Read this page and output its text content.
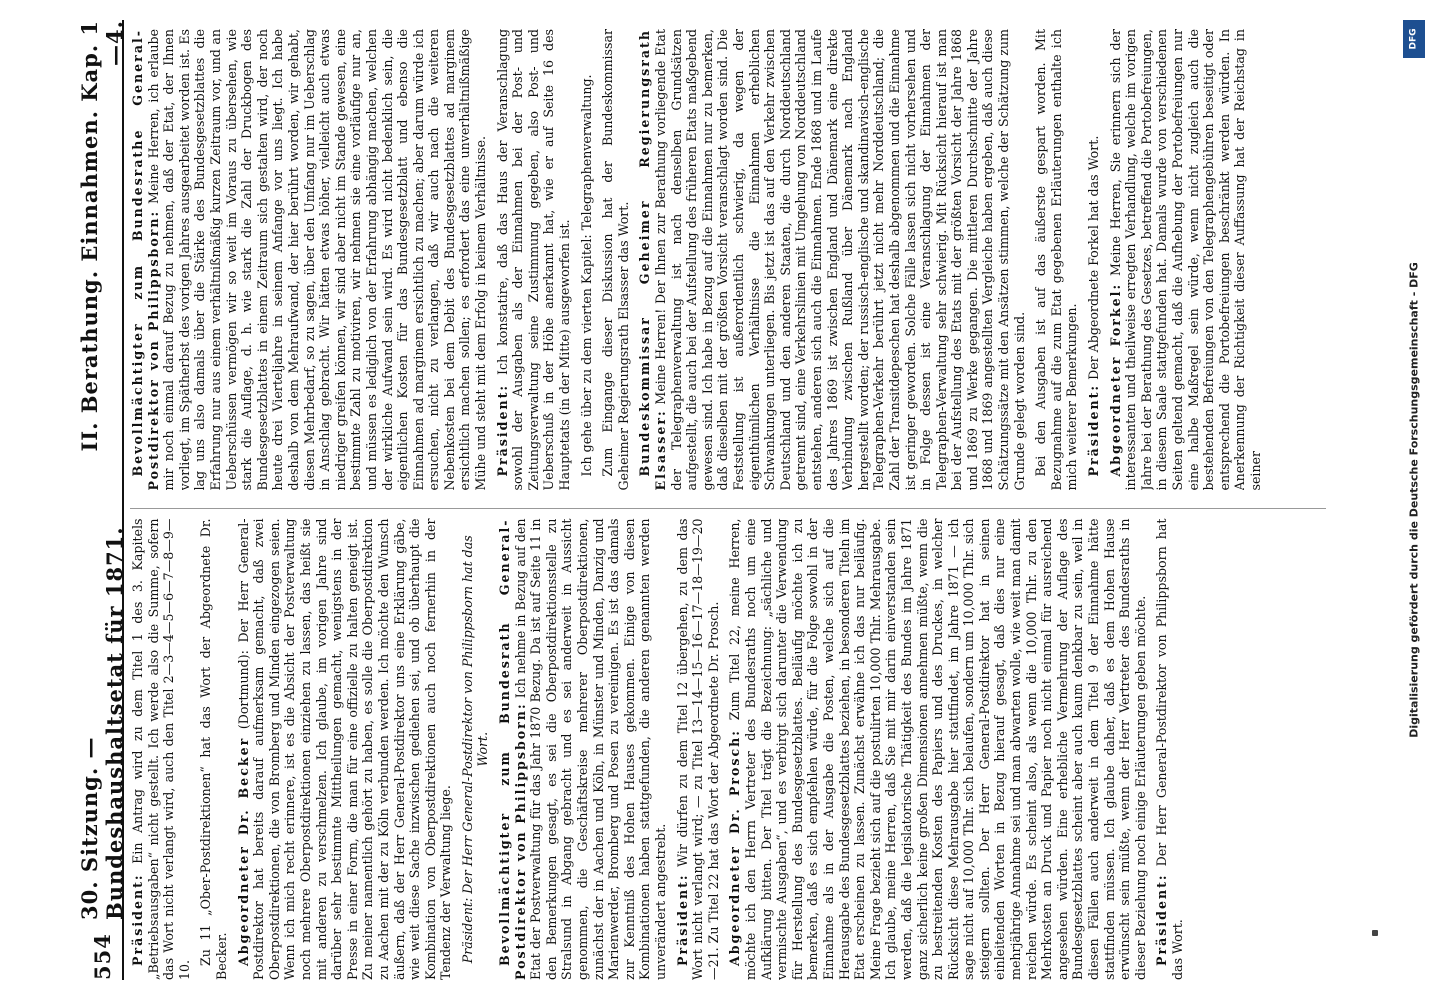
554
30. Sitzung. — Bundeshaushaltsetat für 1871.
II. Berathung. Einnahmen. Kap. 1—4.

Präsident: Ein Antrag wird zu dem Titel 1 des 3. Kapitels „Betriebsausgaben“ nicht gestellt. Ich werde also die Summe, sofern das Wort nicht verlangt wird, auch den Titel 2—3—4—5—6—7—8—9—10.

Zu 11 „Ober-Postdirektionen“ hat das Wort der Abgeordnete Dr. Becker. Abgeordneter Dr. Becker (Dortmund): Der Herr General-Postdirektor hat bereits darauf aufmerksam gemacht, daß zwei Oberpostdirektionen, die von Bromberg und Minden eingezogen seien. Wenn ich mich recht erinnere, ist es die Absicht der Postverwaltung noch mehrere Oberpostdirektionen einziehen zu lassen, das heißt sie mit anderen zu verschmelzen. Ich glaube, im vorigen Jahre sind darüber sehr bestimmte Mittheilungen gemacht, wenigstens in der Presse in einer Form, die man für eine offizielle zu halten geneigt ist. Zu meiner namentlich gehört zu haben, es solle die Oberpostdirektion zu Aachen mit der zu Köln verbunden werden. Ich möchte den Wunsch äußern, daß der Herr General-Postdirektor uns eine Erklärung gäbe, wie weit diese Sache inzwischen gediehen sei, und ob überhaupt die Kombination von Oberpostdirektionen auch noch fernerhin in der Tendenz der Verwaltung liege. Präsident: Der Herr General-Postdirektor von Philippsborn hat das Wort. Bevollmächtigter zum Bundesrath General-Postdirektor von Philippsborn: Ich nehme in Bezug auf den Etat der Postverwaltung für das Jahr 1870 Bezug. Da ist auf Seite 11 in den Bemerkungen gesagt, es sei die Oberpostdirektionsstelle zu Stralsund in Abgang gebracht und es sei anderweit in Aussicht genommen, die Geschäftskreise mehrerer Oberpostdirektionen, zunächst der in Aachen und Köln, in Münster und Minden, Danzig und Marienwerder, Bromberg und Posen zu vereinigen. Es ist das damals zur Kenntniß des Hohen Hauses gekommen. Einige von diesen Kombinationen haben stattgefunden, die anderen genannten werden unverändert angestrebt. Präsident: Wir dürfen zu dem Titel 12 übergehen, zu dem das Wort nicht verlangt wird; — zu Titel 13—14—15—16—17—18—19—20—21. Zu Titel 22 hat das Wort der Abgeordnete Dr. Prosch. Abgeordneter Dr. Prosch: Zum Titel 22, meine Herren, möchte ich den Herrn Vertreter des Bundesraths noch um eine Aufklärung bitten. Der Titel trägt die Bezeichnung: „sächliche und vermischte Ausgaben“, und es verbirgt sich darunter die Verwendung für Herstellung des Bundesgesetzblattes. Beiläufig möchte ich zu bemerken, daß es sich empfehlen würde, für die Folge sowohl in der Einnahme als in der Ausgabe die Posten, welche sich auf die Herausgabe des Bundesgesetzblattes beziehen, in besonderen Titeln im Etat erscheinen zu lassen. Zunächst erwähne ich das nur beiläufig. Meine Frage bezieht sich auf die postulirten 10,000 Thlr. Mehrausgabe. Ich glaube, meine Herren, daß Sie mit mir darin einverstanden sein werden, daß die legislatorische Thätigkeit des Bundes im Jahre 1871 ganz sicherlich keine großen Dimensionen annehmen müßte, wenn die zu bestreitenden Kosten des Papiers und des Druckes, in welcher Rücksicht diese Mehrausgabe hier stattfindet, im Jahre 1871 — ich sage nicht auf 10,000 Thlr. sich belaufen, sondern um 10,000 Thlr. sich steigern sollten. Der Herr General-Postdirektor hat in seinen einleitenden Worten in Bezug hierauf gesagt, daß dies nur eine mehrjährige Annahme sei und man abwarten wolle, wie weit man damit reichen würde. Es scheint also, als wenn die 10,000 Thlr. zu den Mehrkosten an Druck und Papier noch nicht einmal für ausreichend angesehen würden. Eine erhebliche Vermehrung der Auflage des Bundesgesetzblattes scheint aber auch kaum denkbar zu sein, weil in diesen Fällen auch anderweit in dem Titel 9 der Einnahme hätte stattfinden müssen. Ich glaube daher, daß es dem Hohen Hause erwünscht sein müßte, wenn der Herr Vertreter des Bundesraths in dieser Beziehung noch einige Erläuterungen geben möchte. Präsident: Der Herr General-Postdirektor von Philippsborn hat das Wort.

Bevollmächtigter zum Bundesrathe General-Postdirektor von Philippsborn: Meine Herren, ich erlaube mir noch einmal darauf Bezug zu nehmen, daß der Etat, der Ihnen vorliegt, im Spätherbst des vorigen Jahres ausgearbeitet worden ist. Es lag uns also damals über die Stärke des Bundesgesetzblattes die Erfahrung nur aus einem verhältnißmäßig kurzen Zeitraum vor, und an Ueberschüssen vermögen wir so weit im Voraus zu übersehen, wie stark die Auflage, d. h. wie stark die Zahl der Druckbogen des Bundesgesetzblattes in einem Zeitraum sich gestalten wird, der noch heute drei Vierteljahre in seinem Anfange vor uns liegt. Ich habe deshalb von dem Mehraufwand, der hier berührt worden, wir gehabt, diesen Mehrbedarf, so zu sagen, über den Umfang nur im Ueberschlag in Anschlag gebracht. Wir hätten etwas höher, vielleicht auch etwas niedriger greifen können, wir sind aber nicht im Stande gewesen, eine bestimmte Zahl zu motiviren, wir nehmen sie eine vorläufige nur an, und müssen es lediglich von der Erfahrung abhängig machen, welchen der wirkliche Aufwand sein wird. Es wird nicht bedenklich sein, die eigentlichen Kosten für das Bundesgesetzblatt und ebenso die Einnahmen ad marginem ersichtlich zu machen; aber darum würde ich ersuchen, nicht zu verlangen, daß wir auch nach die weiteren Nebenkosten bei dem Debit des Bundesgesetzblattes ad marginem ersichtlich machen sollen; es erfordert das eine unverhältnißmäßige Mühe und steht mit dem Erfolg in keinem Verhältnisse. Präsident: Ich konstatire, daß das Haus der Veranschlagung sowohl der Ausgaben als der Einnahmen bei der Post- und Zeitungsverwaltung seine Zustimmung gegeben, also Post- und Ueberschuß in der Höhe anerkannt hat, wie er auf Seite 16 des Hauptetats (in der Mitte) ausgeworfen ist. Ich gehe über zu dem vierten Kapitel: Telegraphenverwaltung. Zum Eingange dieser Diskussion hat der Bundeskommissar Geheimer Regierungsrath Elsasser das Wort. Bundeskommissar Geheimer Regierungsrath Elsasser: Meine Herren! Der Ihnen zur Berathung vorliegende Etat der Telegraphenverwaltung ist nach denselben Grundsätzen aufgestellt, die auch bei der Aufstellung des früheren Etats maßgebend gewesen sind. Ich habe in Bezug auf die Einnahmen nur zu bemerken, daß dieselben mit der größten Vorsicht veranschlagt worden sind. Die Feststellung ist außerordentlich schwierig, da wegen der eigenthümlichen Verhältnisse die Einnahmen erheblichen Schwankungen unterliegen. Bis jetzt ist das auf den Verkehr zwischen Deutschland und den anderen Staaten, die durch Norddeutschland getrennt sind, eine Verkehrslinien mit Umgehung von Norddeutschland entstehen, anderen sich auch die Einnahmen. Ende 1868 und im Laufe des Jahres 1869 ist zwischen England und Dänemark eine direkte Verbindung zwischen Rußland über Dänemark nach England hergestellt worden; der russisch-englische und skandinavisch-englische Telegraphen-Verkehr berührt jetzt nicht mehr Norddeutschland; die Zahl der Transitdepeschen hat deshalb abgenommen und die Einnahme ist geringer geworden. Solche Fälle lassen sich nicht vorhersehen und in Folge dessen ist eine Veranschlagung der Einnahmen der Telegraphen-Verwaltung sehr schwierig. Mit Rücksicht hierauf ist man bei der Aufstellung des Etats mit der größten Vorsicht der Jahre 1868 und 1869 zu Werke gegangen. Die mittleren Durchschnitte der Jahre 1868 und 1869 angestellten Vergleiche haben ergeben, daß auch diese Schätzungssätze mit den Ansätzen stimmen, welche der Schätzung zum Grunde gelegt worden sind. Bei den Ausgaben ist auf das äußerste gespart worden. Mit Bezugnahme auf die zum Etat gegebenen Erläuterungen enthalte ich mich weiterer Bemerkungen. Präsident: Der Abgeordnete Forkel hat das Wort. Abgeordneter Forkel: Meine Herren, Sie erinnern sich der interessanten und theilweise erregten Verhandlung, welche im vorigen Jahre bei der Berathung des Gesetzes, betreffend die Portobefreiungen, in diesem Saale stattgefunden hat. Damals wurde von verschiedenen Seiten geltend gemacht, daß die Aufhebung der Portobefreiungen nur eine halbe Maßregel sein würde, wenn nicht zugleich auch die bestehenden Befreiungen von den Telegraphengebühren beseitigt oder entsprechend die Portobefreiungen beschränkt werden würden. In Anerkennung der Richtigkeit dieser Auffassung hat der Reichstag in seiner

DFG
Digitalisierung gefördert durch die Deutsche Forschungsgemeinschaft - DFG
